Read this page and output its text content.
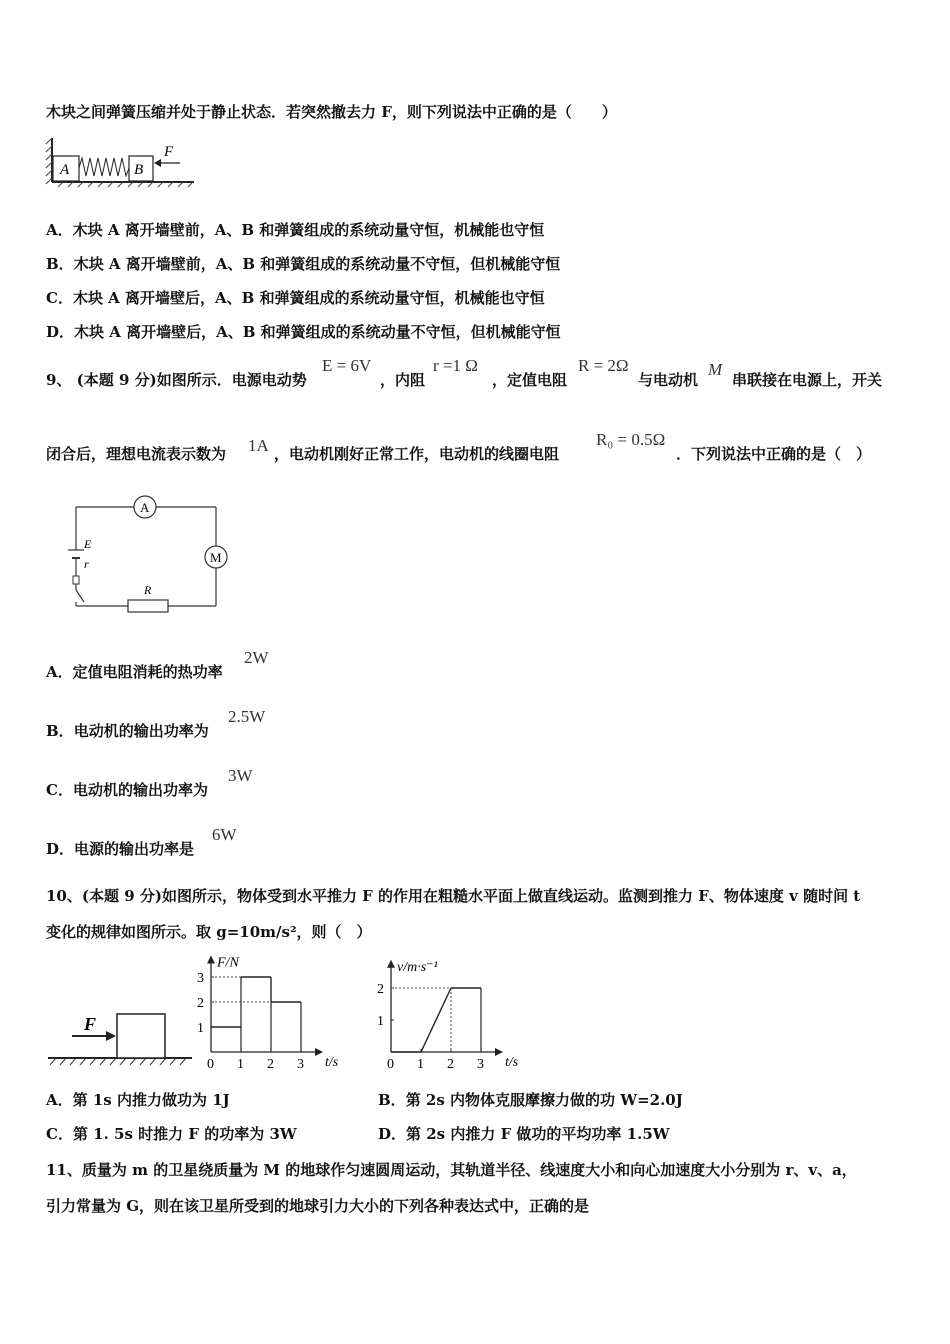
木块之间弹簧压缩并处于静止状态．若突然撤去力 F，则下列说法中正确的是（　　）
A	B
F
A．木块 A 离开墙壁前，A、B 和弹簧组成的系统动量守恒，机械能也守恒
B．木块 A 离开墙壁前，A、B 和弹簧组成的系统动量不守恒，但机械能守恒
C．木块 A 离开墙壁后，A、B 和弹簧组成的系统动量守恒，机械能也守恒
D．木块 A 离开墙壁后，A、B 和弹簧组成的系统动量不守恒，但机械能守恒
9、 (本题 9 分)如图所示．电源电动势
E = 6V
，内阻
r =1 Ω
，定值电阻
R = 2Ω
与电动机
M
串联接在电源上，开关
闭合后，理想电流表示数为 1A ，电动机刚好正常工作，电动机的线圈电阻
R₀ = 0.5Ω
．下列说法中正确的是（　）
E
r
A
M
R
A．定值电阻消耗的热功率
2W
B．电动机的输出功率为
2.5W
C．电动机的输出功率为
3W
D．电源的输出功率是
6W
10、(本题 9 分)如图所示，物体受到水平推力 F 的作用在粗糙水平面上做直线运动。监测到推力 F、物体速度 v 随时间 t
变化的规律如图所示。取 g=10m/s²，则（　）
F
F/N
t/s
0 1 2 3
1
2
3
v/m·s⁻¹
t/s
0 1 2 3
1
2
A．第 1s 内推力做功为 1J	B．第 2s 内物体克服摩擦力做的功 W=2.0J
C．第 1. 5s 时推力 F 的功率为 3W	D．第 2s 内推力 F 做功的平均功率 1.5W
11、质量为 m 的卫星绕质量为 M 的地球作匀速圆周运动，其轨道半径、线速度大小和向心加速度大小分别为 r、v、a，
引力常量为 G，则在该卫星所受到的地球引力大小的下列各种表达式中，正确的是
